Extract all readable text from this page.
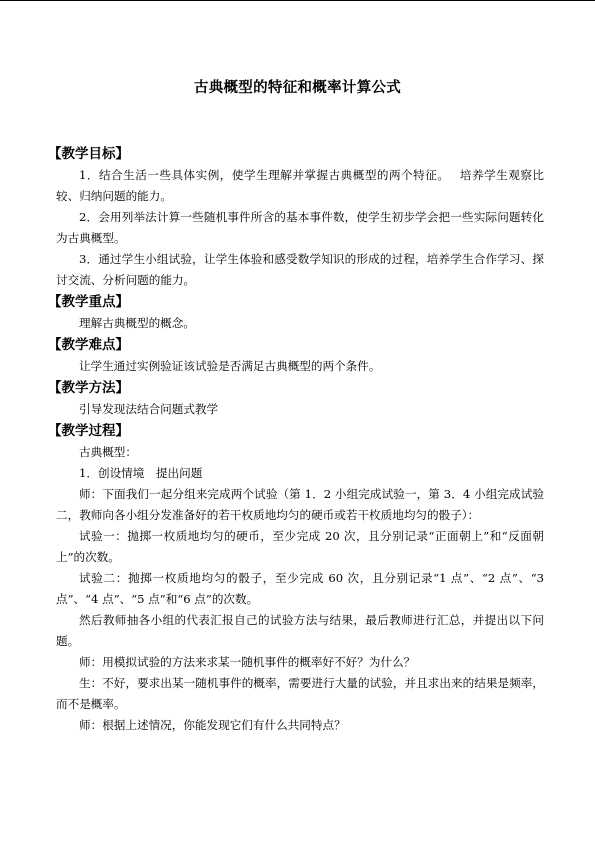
古典概型的特征和概率计算公式
【教学目标】
1．结合生活一些具体实例，使学生理解并掌握古典概型的两个特征。　 培养学生观察比较、归纳问题的能力。
2．会用列举法计算一些随机事件所含的基本事件数，使学生初步学会把一些实际问题转化为古典概型。
3．通过学生小组试验，让学生体验和感受数学知识的形成的过程，培养学生合作学习、探讨交流、分析问题的能力。
【教学重点】
理解古典概型的概念。
【教学难点】
让学生通过实例验证该试验是否满足古典概型的两个条件。
【教学方法】
引导发现法结合问题式教学
【教学过程】
古典概型：
1．创设情境　提出问题
师：下面我们一起分组来完成两个试验（第 1．2 小组完成试验一，第 3．4 小组完成试验二，教师向各小组分发准备好的若干枚质地均匀的硬币或若干枚质地均匀的骰子）：
试验一：抛掷一枚质地均匀的硬币，至少完成 20 次，且分别记录“正面朝上”和“反面朝上”的次数。
试验二：抛掷一枚质地均匀的骰子，至少完成 60 次，且分别记录“1 点”、“2 点”、“3 点”、“4 点”、“5 点”和“6 点”的次数。
然后教师抽各小组的代表汇报自己的试验方法与结果，最后教师进行汇总，并提出以下问题。
师：用模拟试验的方法来求某一随机事件的概率好不好？为什么？
生：不好，要求出某一随机事件的概率，需要进行大量的试验，并且求出来的结果是频率，而不是概率。
师：根据上述情况，你能发现它们有什么共同特点？
